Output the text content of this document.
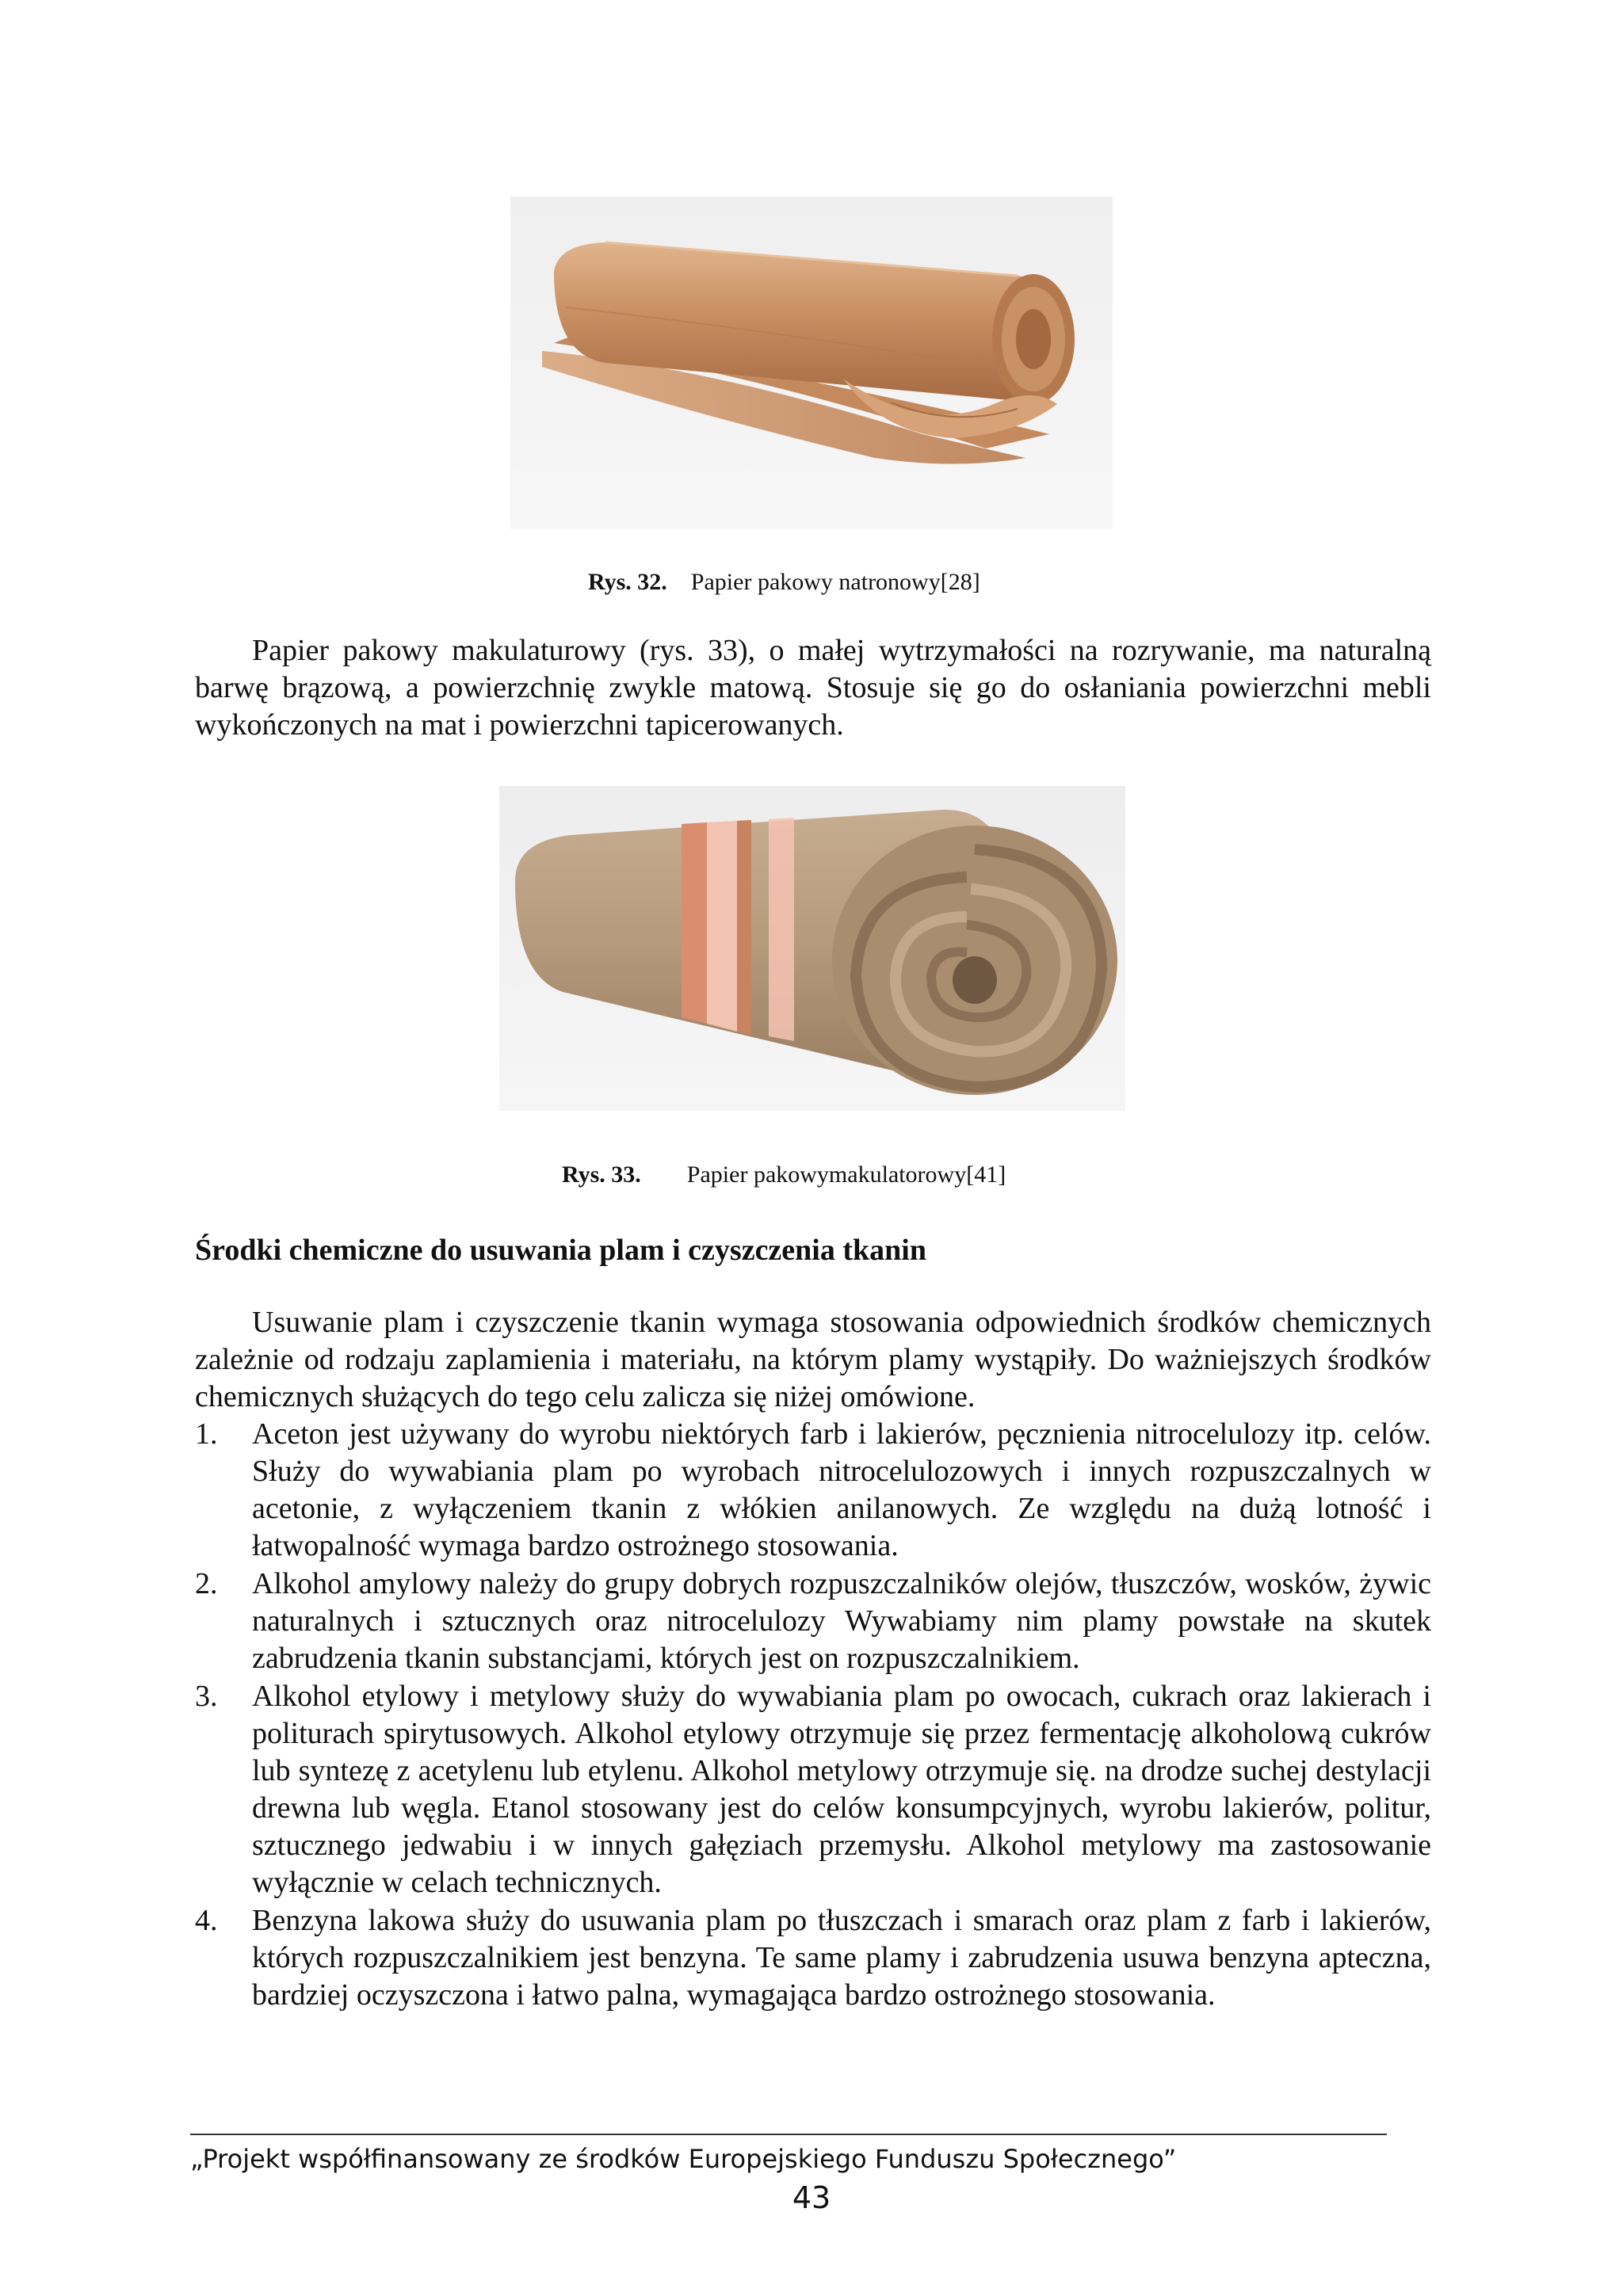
Rys. 32. Papier pakowy natronowy[28]

Papier pakowy makulaturowy (rys. 33), o małej wytrzymałości na rozrywanie, ma naturalną barwę brązową, a powierzchnię zwykle matową. Stosuje się go do osłaniania powierzchni mebli wykończonych na mat i powierzchni tapicerowanych.

Rys. 33. Papier pakowymakulatorowy[41]
Środki chemiczne do usuwania plam i czyszczenia tkanin

Usuwanie plam i czyszczenie tkanin wymaga stosowania odpowiednich środków chemicznych zależnie od rodzaju zaplamienia i materiału, na którym plamy wystąpiły. Do ważniejszych środków chemicznych służących do tego celu zalicza się niżej omówione.

1. Aceton jest używany do wyrobu niektórych farb i lakierów, pęcznienia nitrocelulozy itp. celów. Służy do wywabiania plam po wyrobach nitrocelulozowych i innych rozpuszczalnych w acetonie, z wyłączeniem tkanin z włókien anilanowych. Ze względu na dużą lotność i łatwopalność wymaga bardzo ostrożnego stosowania.
2. Alkohol amylowy należy do grupy dobrych rozpuszczalników olejów, tłuszczów, wosków, żywic naturalnych i sztucznych oraz nitrocelulozy Wywabiamy nim plamy powstałe na skutek zabrudzenia tkanin substancjami, których jest on rozpuszczalnikiem.
3. Alkohol etylowy i metylowy służy do wywabiania plam po owocach, cukrach oraz lakierach i politurach spirytusowych. Alkohol etylowy otrzymuje się przez fermentację alkoholową cukrów lub syntezę z acetylenu lub etylenu. Alkohol metylowy otrzymuje się. na drodze suchej destylacji drewna lub węgla. Etanol stosowany jest do celów konsumpcyjnych, wyrobu lakierów, politur, sztucznego jedwabiu i w innych gałęziach przemysłu. Alkohol metylowy ma zastosowanie wyłącznie w celach technicznych.
4. Benzyna lakowa służy do usuwania plam po tłuszczach i smarach oraz plam z farb i lakierów, których rozpuszczalnikiem jest benzyna. Te same plamy i zabrudzenia usuwa benzyna apteczna, bardziej oczyszczona i łatwo palna, wymagająca bardzo ostrożnego stosowania.
„Projekt współfinansowany ze środków Europejskiego Funduszu Społecznego”
43
